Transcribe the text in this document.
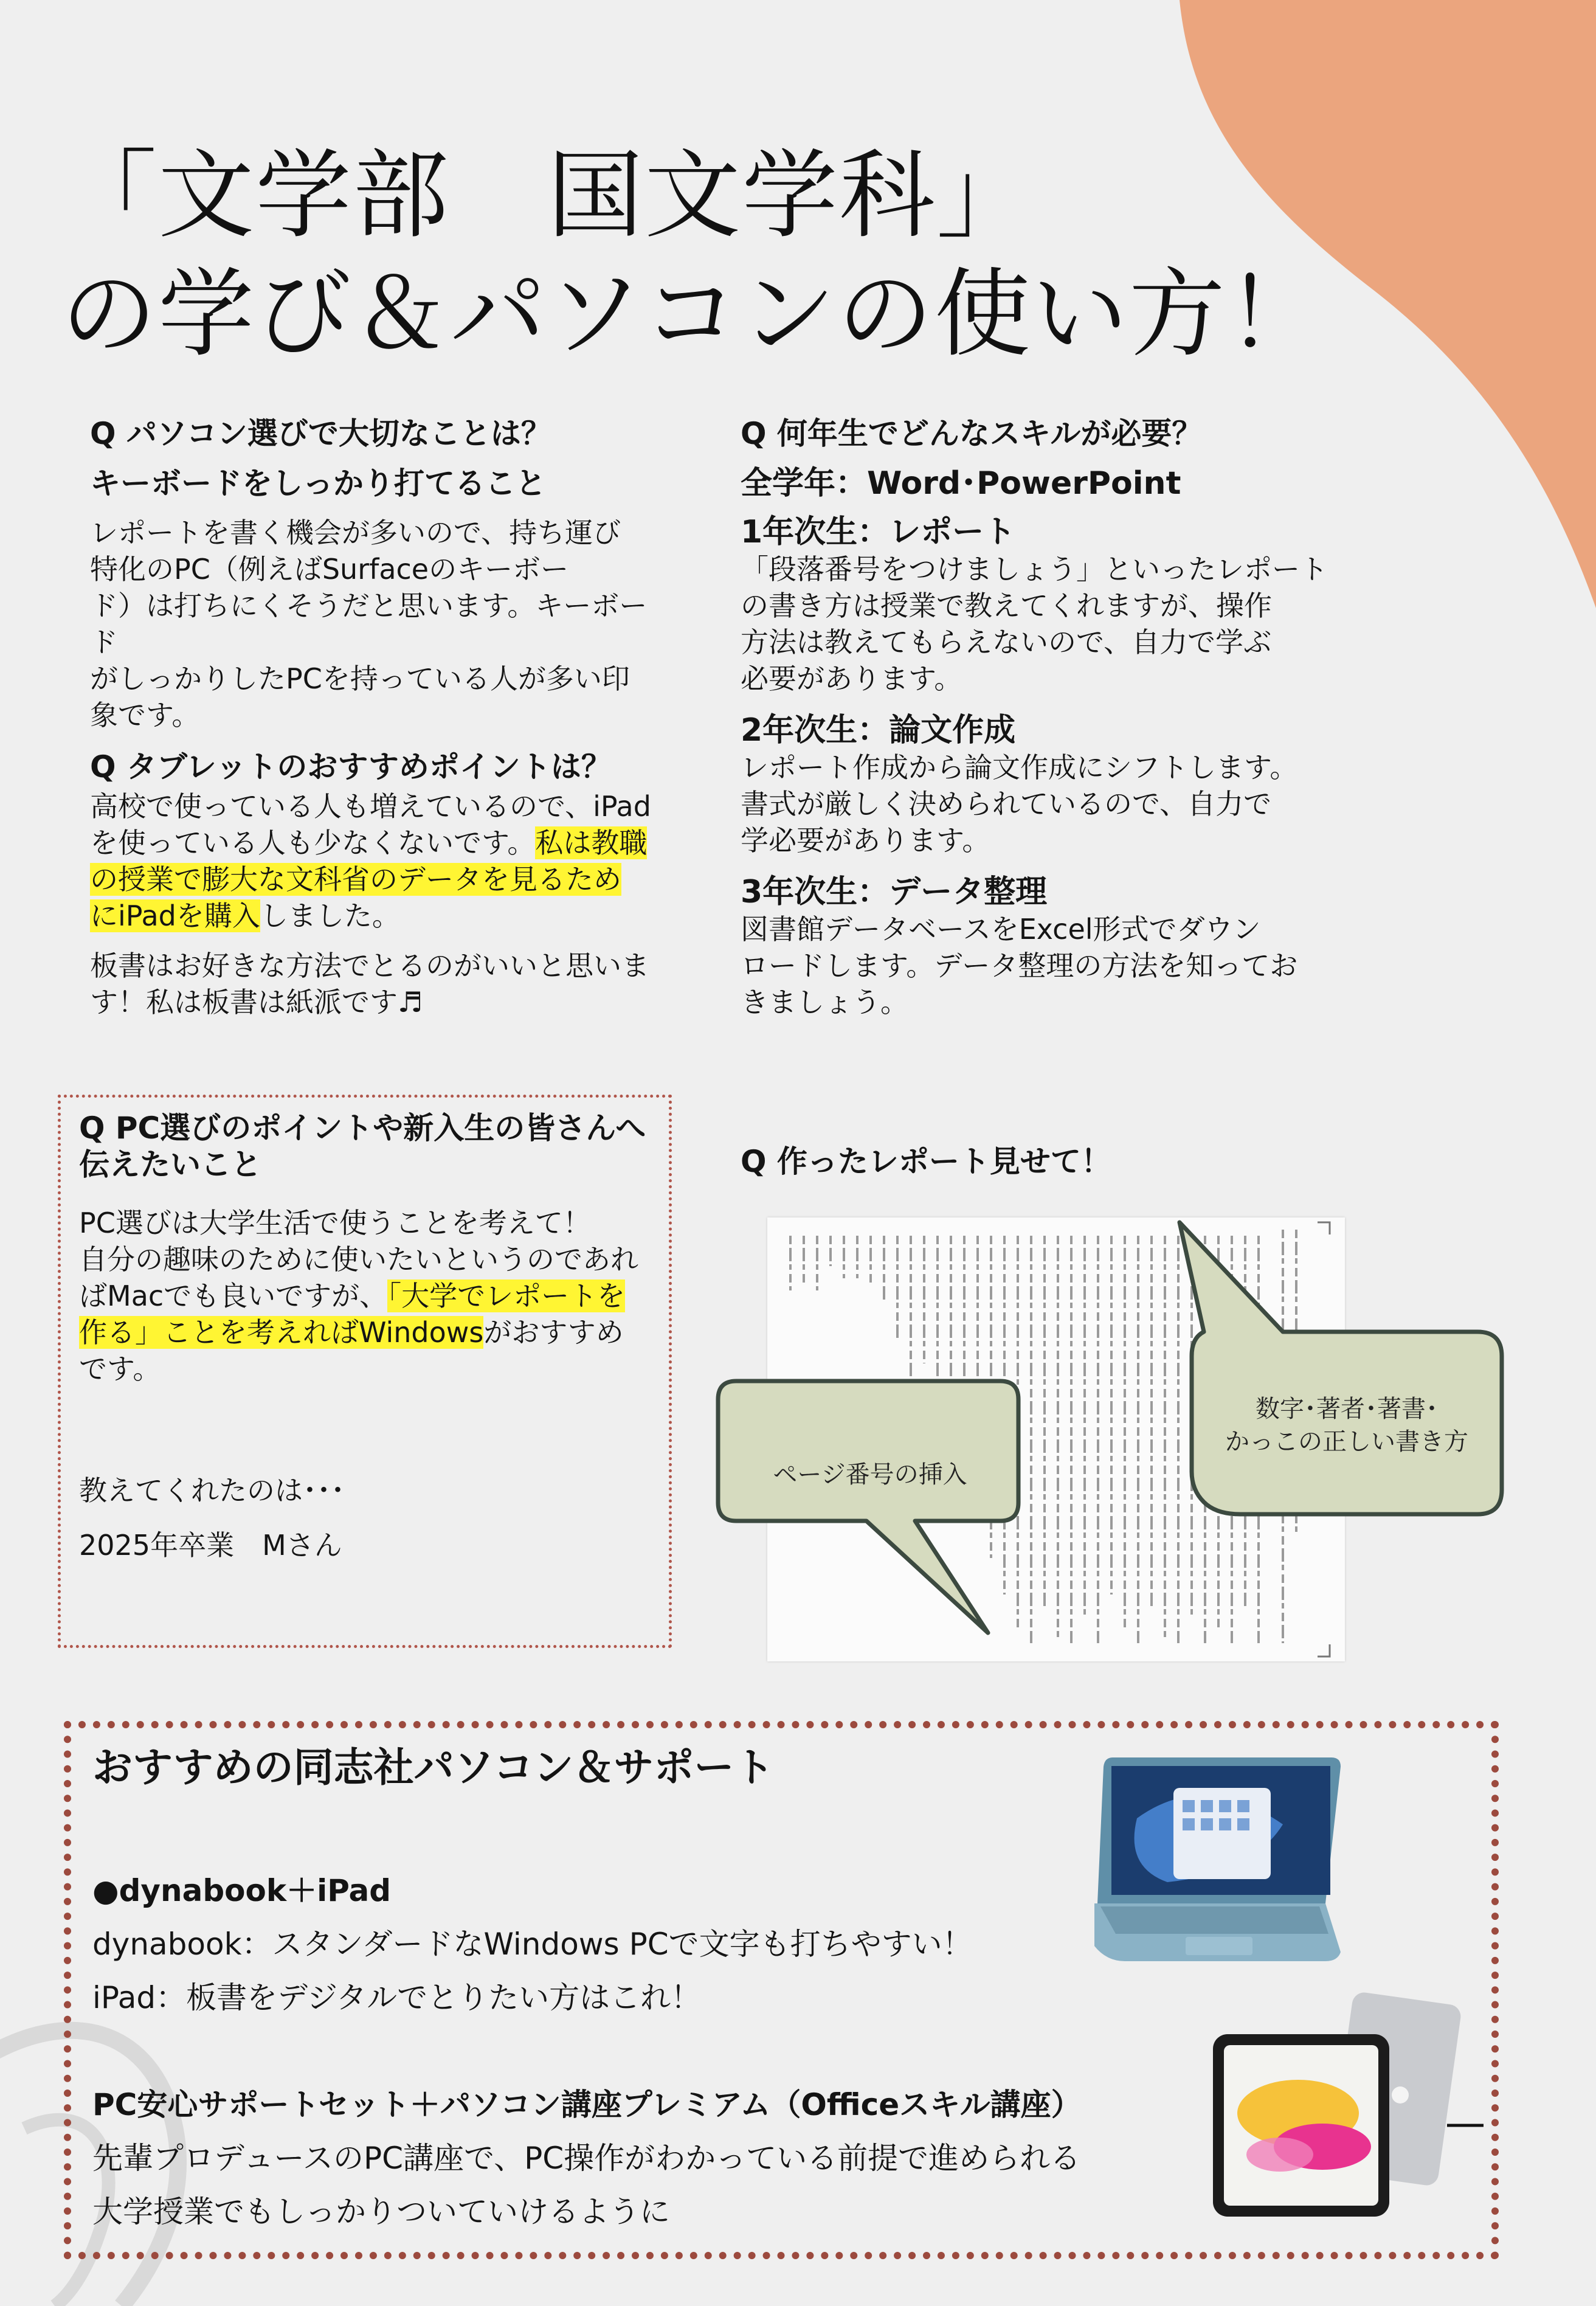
「文学部　国文学科」
の学び＆パソコンの使い方！

Q パソコン選びで大切なことは？

キーボードをしっかり打てること

レポートを書く機会が多いので、持ち運び

特化のPC（例えばSurfaceのキーボー

ド）は打ちにくそうだと思います。キーボード

がしっかりしたPCを持っている人が多い印

象です。

Q タブレットのおすすめポイントは？

高校で使っている人も増えているので、iPad

を使っている人も少なくないです。私は教職

の授業で膨大な文科省のデータを見るため

にiPadを購入しました。

板書はお好きな方法でとるのがいいと思いま

す！私は板書は紙派です♬

Q 何年生でどんなスキルが必要？

全学年：Word･PowerPoint

1年次生：レポート

「段落番号をつけましょう」といったレポート

の書き方は授業で教えてくれますが、操作

方法は教えてもらえないので、自力で学ぶ

必要があります。

2年次生：論文作成

レポート作成から論文作成にシフトします。

書式が厳しく決められているので、自力で

学必要があります。

3年次生：データ整理

図書館データベースをExcel形式でダウン

ロードします。データ整理の方法を知ってお

きましょう。

Q PC選びのポイントや新入生の皆さんへ

伝えたいこと

PC選びは大学生活で使うことを考えて！

自分の趣味のために使いたいというのであれ

ばMacでも良いですが、「大学でレポートを

作る」ことを考えればWindowsがおすすめ

です。

教えてくれたのは･･･

2025年卒業　Mさん

Q 作ったレポート見せて！

ページ番号の挿入
数字･著者･著書･
かっこの正しい書き方

おすすめの同志社パソコン＆サポート

●dynabook＋iPad

dynabook：スタンダードなWindows PCで文字も打ちやすい！

iPad：板書をデジタルでとりたい方はこれ！

PC安心サポートセット＋パソコン講座プレミアム（Officeスキル講座）

先輩プロデュースのPC講座で、PC操作がわかっている前提で進められる

大学授業でもしっかりついていけるように
